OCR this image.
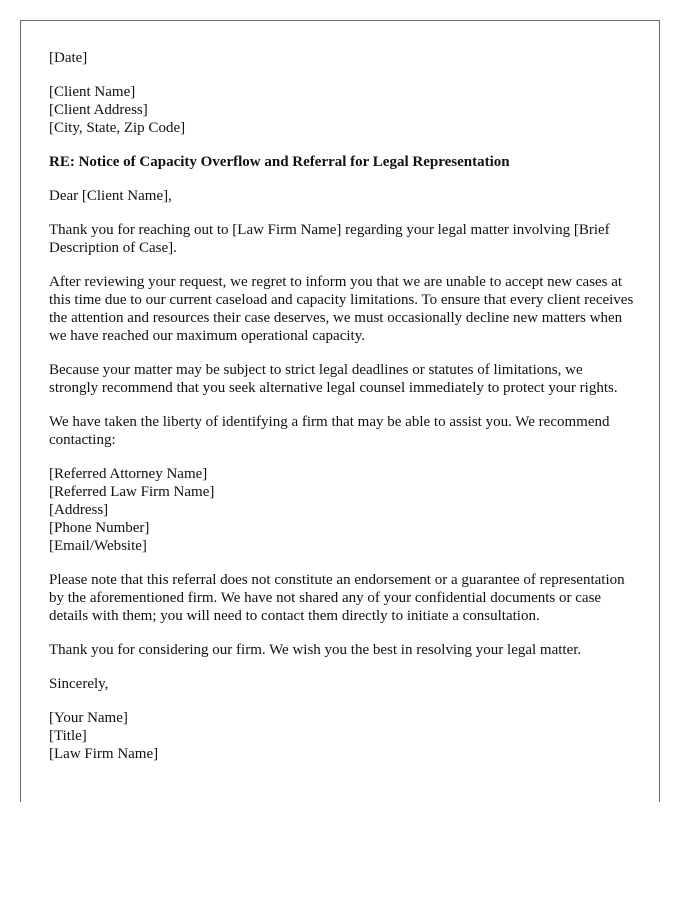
[Date]

[Client Name]
[Client Address]
[City, State, Zip Code]

RE: Notice of Capacity Overflow and Referral for Legal Representation

Dear [Client Name],

Thank you for reaching out to [Law Firm Name] regarding your legal matter involving [Brief Description of Case].

After reviewing your request, we regret to inform you that we are unable to accept new cases at this time due to our current caseload and capacity limitations. To ensure that every client receives the attention and resources their case deserves, we must occasionally decline new matters when we have reached our maximum operational capacity.

Because your matter may be subject to strict legal deadlines or statutes of limitations, we strongly recommend that you seek alternative legal counsel immediately to protect your rights.

We have taken the liberty of identifying a firm that may be able to assist you. We recommend contacting:

[Referred Attorney Name]
[Referred Law Firm Name]
[Address]
[Phone Number]
[Email/Website]

Please note that this referral does not constitute an endorsement or a guarantee of representation by the aforementioned firm. We have not shared any of your confidential documents or case details with them; you will need to contact them directly to initiate a consultation.

Thank you for considering our firm. We wish you the best in resolving your legal matter.

Sincerely,

[Your Name]
[Title]
[Law Firm Name]
